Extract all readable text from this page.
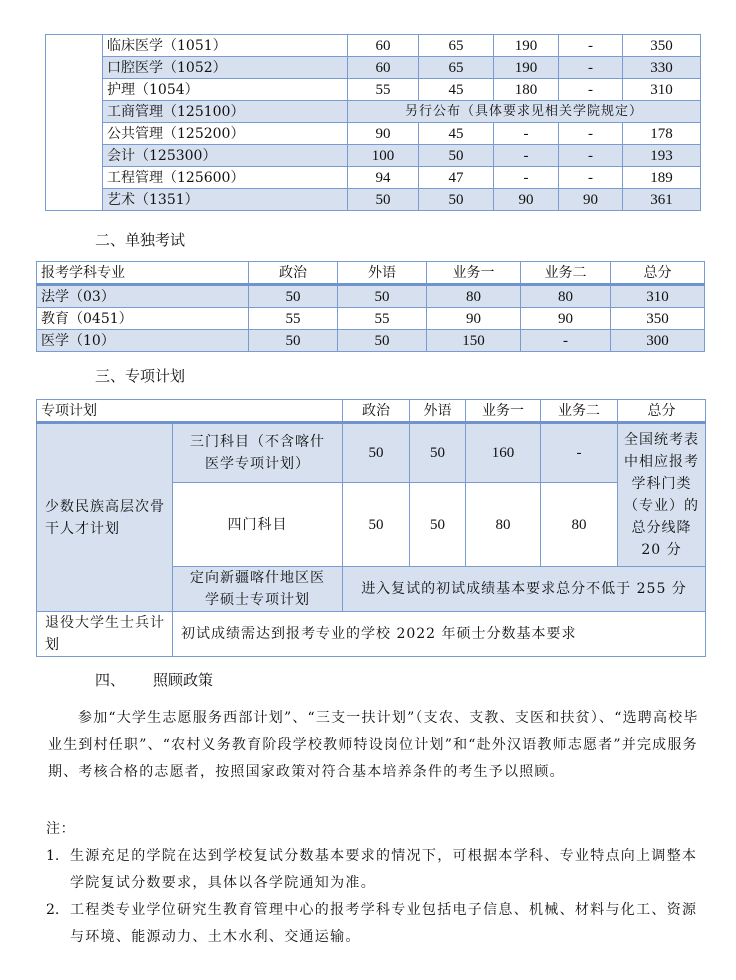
	临床医学（1051）	60	65	190	-	350
	口腔医学（1052）	60	65	190	-	330
	护理（1054）	55	45	180	-	310
	工商管理（125100）	另行公布（具体要求见相关学院规定）				
	公共管理（125200）	90	45	-	-	178
	会计（125300）	100	50	-	-	193
	工程管理（125600）	94	47	-	-	189
	艺术（1351）	50	50	90	90	361
二、单独考试
报考学科专业	政治	外语	业务一	业务二	总分
法学（03）	50	50	80	80	310
教育（0451）	55	55	90	90	350
医学（10）	50	50	150	-	300
三、专项计划
专项计划		政治	外语	业务一	业务二	总分
少数民族高层次骨干人才计划	三门科目（不含喀什医学专项计划）	50	50	160	-	全国统考表中相应报考学科门类（专业）的总分线降 20 分
	四门科目	50	50	80	80	
	定向新疆喀什地区医学硕士专项计划	进入复试的初试成绩基本要求总分不低于 255 分				
退役大学生士兵计划	初试成绩需达到报考专业的学校 2022 年硕士分数基本要求					
四、 照顾政策
参加“大学生志愿服务西部计划”、“三支一扶计划”（支农、支教、支医和扶贫）、“选聘高校毕业生到村任职”、“农村义务教育阶段学校教师特设岗位计划”和“赴外汉语教师志愿者”并完成服务期、考核合格的志愿者，按照国家政策对符合基本培养条件的考生予以照顾。
注：
1. 生源充足的学院在达到学校复试分数基本要求的情况下，可根据本学科、专业特点向上调整本学院复试分数要求，具体以各学院通知为准。
2. 工程类专业学位研究生教育管理中心的报考学科专业包括电子信息、机械、材料与化工、资源与环境、能源动力、土木水利、交通运输。
